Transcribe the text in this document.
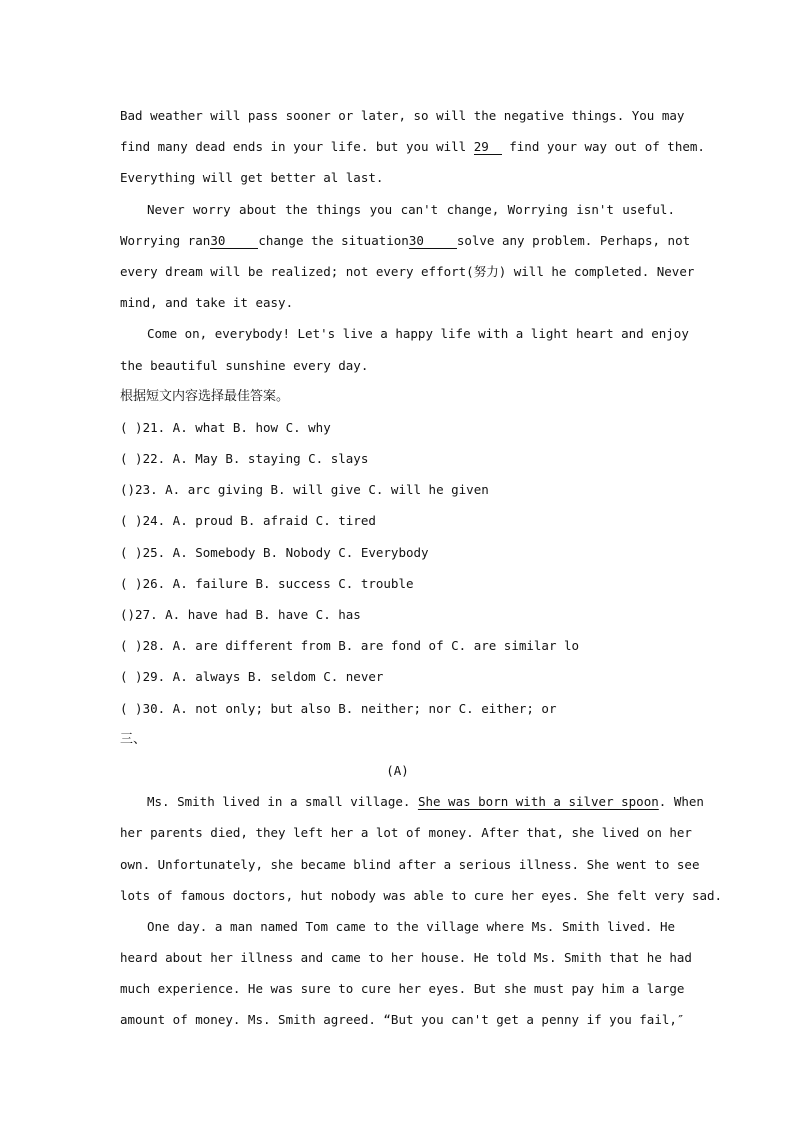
Bad weather will pass sooner or later, so will the negative things. You may
find many dead ends in your life. but you will 29 find your way out of them.
Everything will get better al last.
Never worry about the things you can't change, Worrying isn't useful.
Worrying ran30	change the situation30	solve any problem. Perhaps, not
every dream will be realized; not every effort(努力) will he completed. Never
mind, and take it easy.
Come on, everybody! Let's live a happy life with a light heart and enjoy
the beautiful sunshine every day.
根据短文内容选择最佳答案。
( )21. A. what B. how C. why
( )22. A. May B. staying C. slays
()23. A. arc giving B. will give C. will he given
( )24. A. proud B. afraid C. tired
( )25. A. Somebody B. Nobody C. Everybody
( )26. A. failure B. success C. trouble
()27. A. have had B. have C. has
( )28. A. are different from B. are fond of C. are similar lo
( )29. A. always B. seldom C. never
( )30. A. not only; but also B. neither; nor C. either; or
三、
(A)
Ms. Smith lived in a small village. She was born with a silver spoon. When
her parents died, they left her a lot of money. After that, she lived on her
own. Unfortunately, she became blind after a serious illness. She went to see
lots of famous doctors, hut nobody was able to cure her eyes. She felt very sad.
One day. a man named Tom came to the village where Ms. Smith lived. He
heard about her illness and came to her house. He told Ms. Smith that he had
much experience. He was sure to cure her eyes. But she must pay him a large
amount of money. Ms. Smith agreed. “But you can't get a penny if you fail,″
